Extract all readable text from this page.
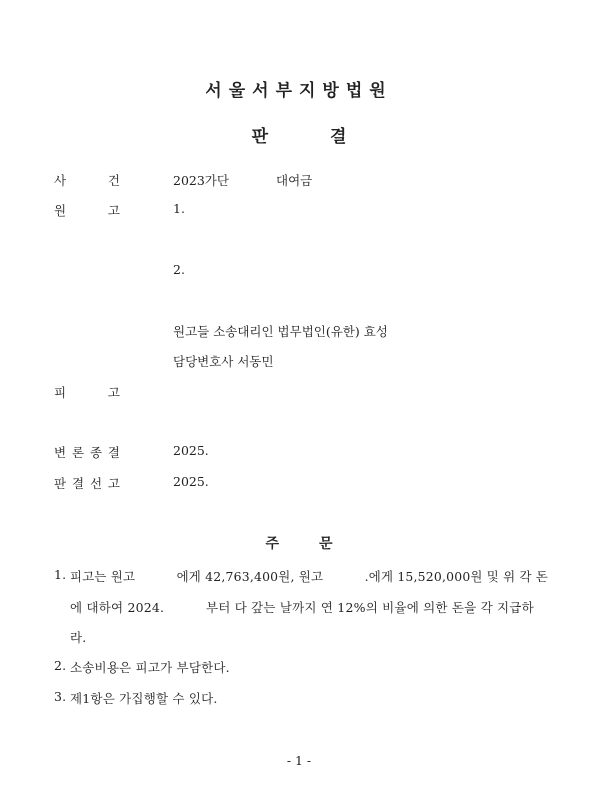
서울서부지방법원
판	결
사	건	2023가단	대여금
원	고	1.
2.
원고들 소송대리인 법무법인(유한) 효성
담당변호사 서동민
피	고
변 론 종 결	2025.
판 결 선 고	2025.
주	문
1. 피고는 원고          에게 42,763,400원, 원고          .에게 15,520,000원 및 위 각 돈
에 대하여 2024.          부터 다 갚는 날까지 연 12%의 비율에 의한 돈을 각 지급하
라.
2. 소송비용은 피고가 부담한다.
3. 제1항은 가집행할 수 있다.
- 1 -
